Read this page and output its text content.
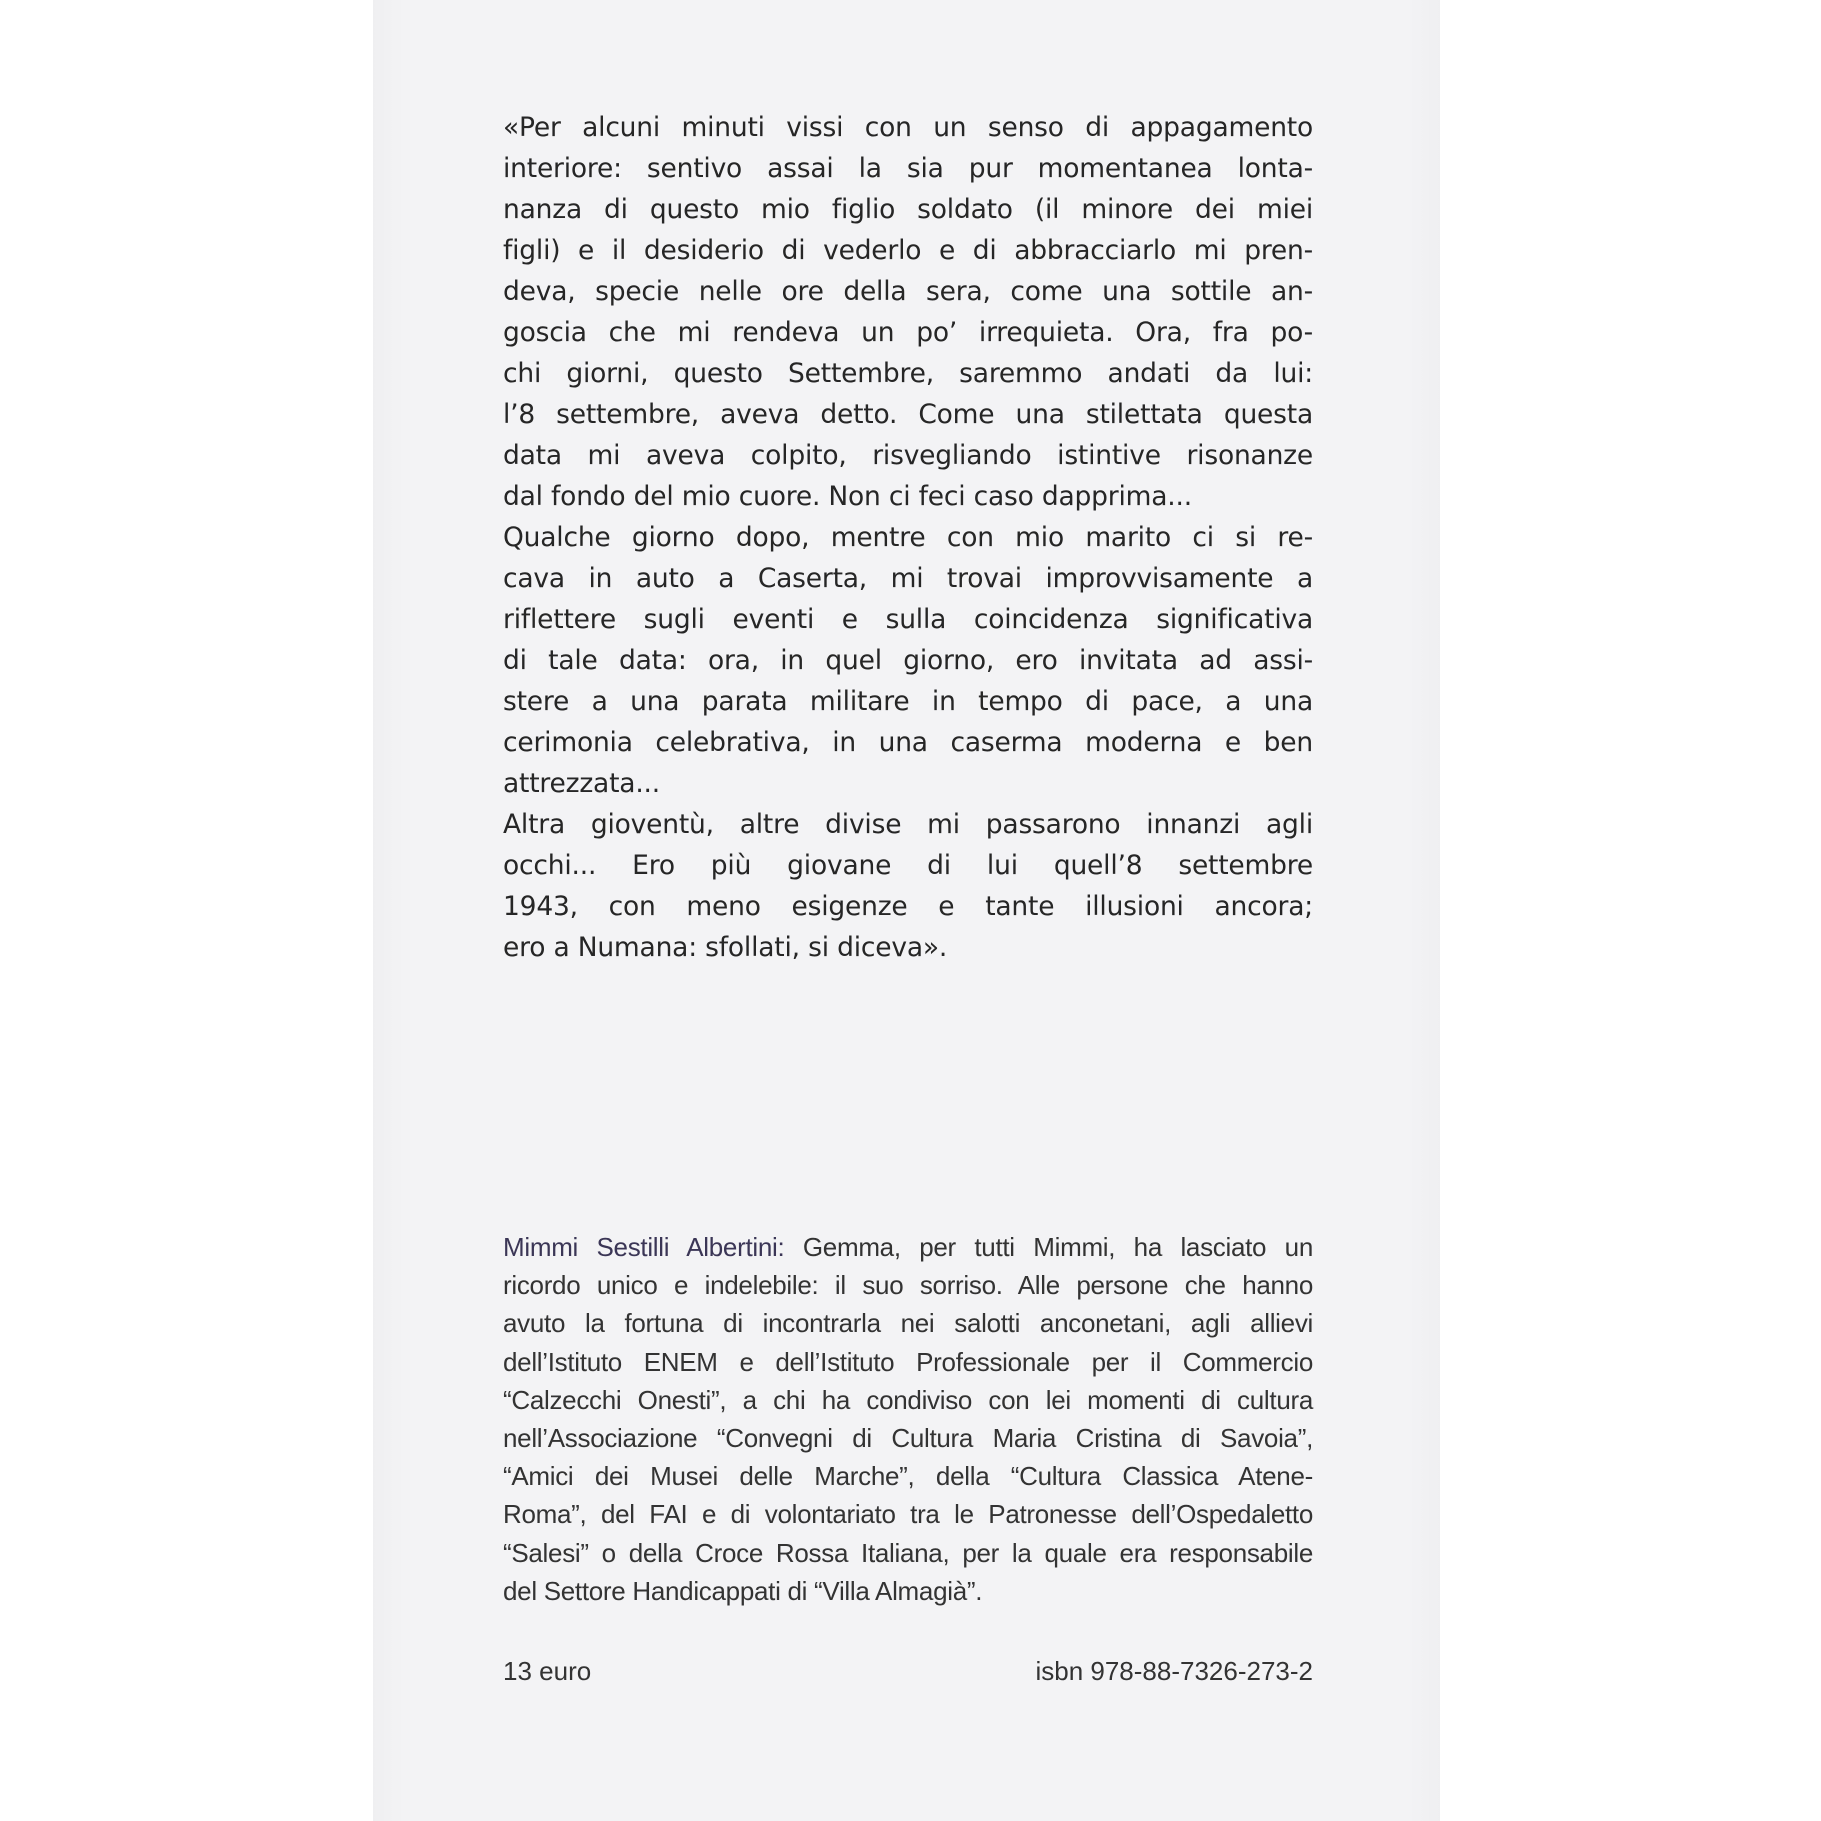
«Per alcuni minuti vissi con un senso di appagamento
interiore: sentivo assai la sia pur momentanea lonta-
nanza di questo mio figlio soldato (il minore dei miei
figli) e il desiderio di vederlo e di abbracciarlo mi pren-
deva, specie nelle ore della sera, come una sottile an-
goscia che mi rendeva un po’ irrequieta. Ora, fra po-
chi giorni, questo Settembre, saremmo andati da lui:
l’8 settembre, aveva detto. Come una stilettata questa
data mi aveva colpito, risvegliando istintive risonanze
dal fondo del mio cuore. Non ci feci caso dapprima...
Qualche giorno dopo, mentre con mio marito ci si re-
cava in auto a Caserta, mi trovai improvvisamente a
riflettere sugli eventi e sulla coincidenza significativa
di tale data: ora, in quel giorno, ero invitata ad assi-
stere a una parata militare in tempo di pace, a una
cerimonia celebrativa, in una caserma moderna e ben
attrezzata...
Altra gioventù, altre divise mi passarono innanzi agli
occhi... Ero più giovane di lui quell’8 settembre
1943, con meno esigenze e tante illusioni ancora;
ero a Numana: sfollati, si diceva».
Mimmi Sestilli Albertini: Gemma, per tutti Mimmi, ha lasciato un
ricordo unico e indelebile: il suo sorriso. Alle persone che hanno
avuto la fortuna di incontrarla nei salotti anconetani, agli allievi
dell’Istituto ENEM e dell’Istituto Professionale per il Commercio
“Calzecchi Onesti”, a chi ha condiviso con lei momenti di cultura
nell’Associazione “Convegni di Cultura Maria Cristina di Savoia”,
“Amici dei Musei delle Marche”, della “Cultura Classica Atene-
Roma”, del FAI e di volontariato tra le Patronesse dell’Ospedaletto
“Salesi” o della Croce Rossa Italiana, per la quale era responsabile
del Settore Handicappati di “Villa Almagià”.
13 euro	isbn 978-88-7326-273-2
